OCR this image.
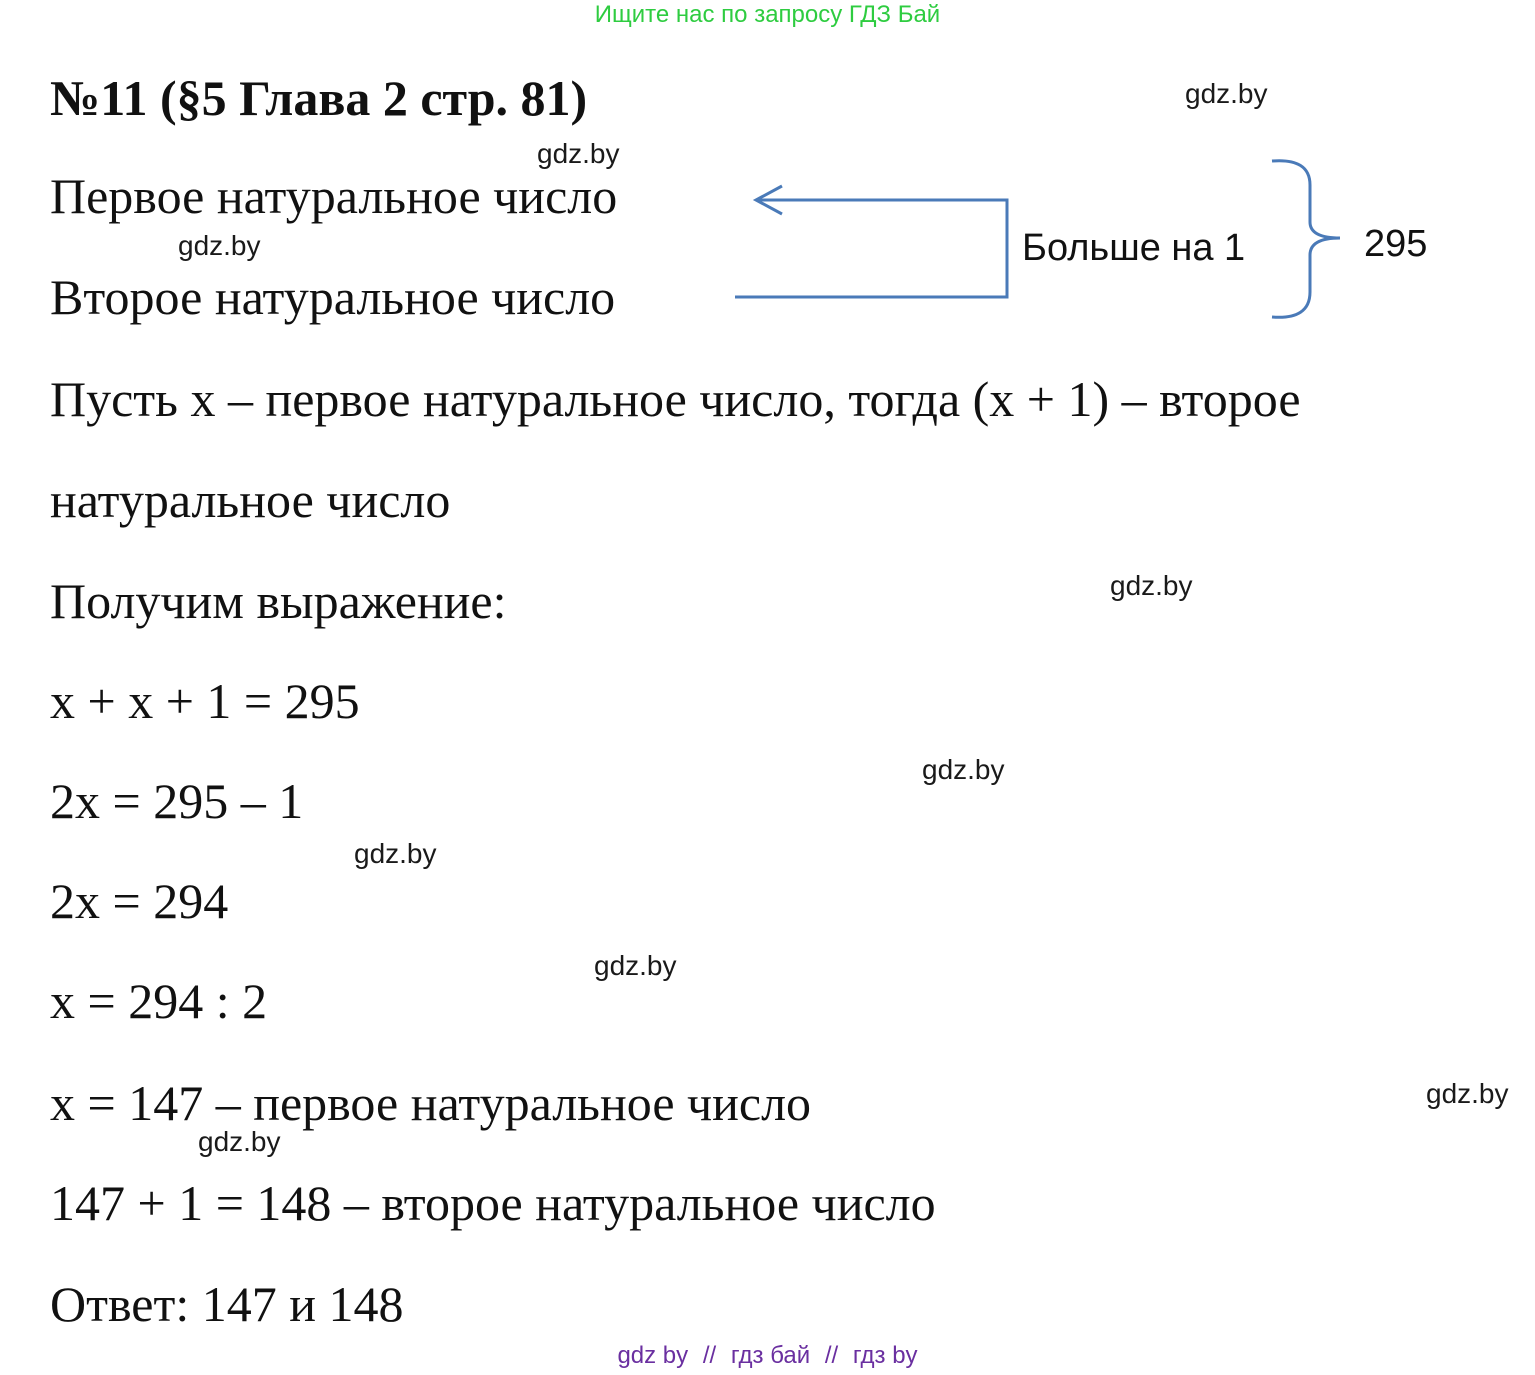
Ищите нас по запросу ГДЗ Бай
№11 (§5 Глава 2 стр. 81)
Первое натуральное число
Второе натуральное число
Больше на 1	295
Пусть x – первое натуральное число, тогда (x + 1) – второе
натуральное число
Получим выражение:
x + x + 1 = 295
2x = 295 – 1
2x = 294
x = 294 : 2
x = 147 – первое натуральное число
147 + 1 = 148 – второе натуральное число
Ответ: 147 и 148
gdz.by
gdz.by
gdz.by
gdz.by
gdz.by
gdz.by
gdz.by
gdz.by
gdz.by
gdz by // гдз бай // гдз by
